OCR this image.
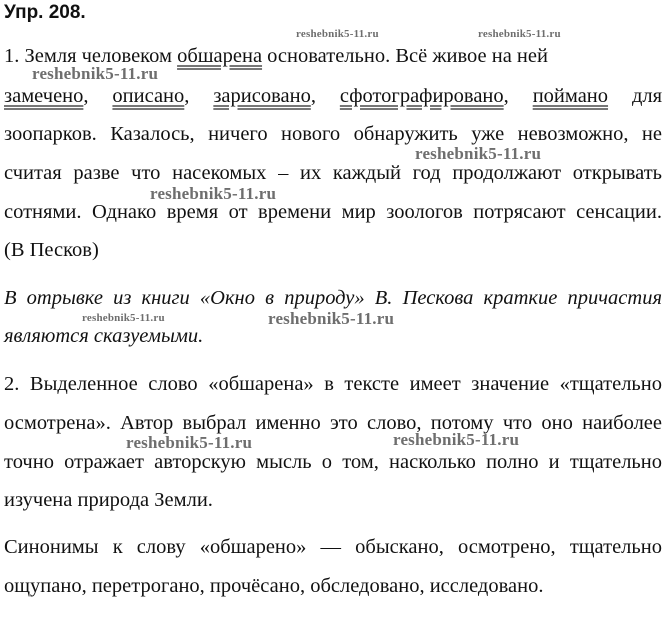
Упр. 208.
1. Земля человеком обшарена основательно. Всё живое на ней
замечено, описано, зарисовано, сфотографировано, поймано для
зоопарков. Казалось, ничего нового обнаружить уже невозможно, не
считая разве что насекомых – их каждый год продолжают открывать
сотнями. Однако время от времени мир зоологов потрясают сенсации.
(В Песков)
В отрывке из книги «Окно в природу» В. Пескова краткие причастия
являются сказуемыми.
2. Выделенное слово «обшарена» в тексте имеет значение «тщательно
осмотрена». Автор выбрал именно это слово, потому что оно наиболее
точно отражает авторскую мысль о том, насколько полно и тщательно
изучена природа Земли.
Синонимы к слову «обшарено» — обыскано, осмотрено, тщательно
ощупано, перетрогано, прочёсано, обследовано, исследовано.
reshebnik5-11.ru	reshebnik5-11.ru
reshebnik5-11.ru
reshebnik5-11.ru
reshebnik5-11.ru
reshebnik5-11.ru	reshebnik5-11.ru
reshebnik5-11.ru	reshebnik5-11.ru
